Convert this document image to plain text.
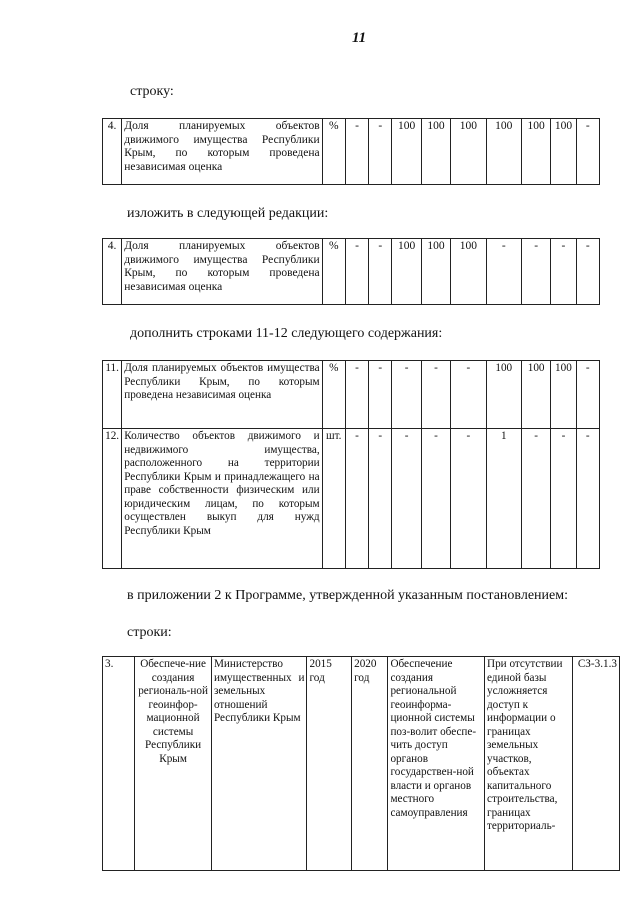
11
строку:
4.	Доля планируемых объектов движимого имущества Республики Крым, по которым проведена независимая оценка	%	-	-	100	100	100	100	100	100	-
изложить в следующей редакции:
4.	Доля планируемых объектов движимого имущества Республики Крым, по которым проведена независимая оценка	%	-	-	100	100	100	-	-	-	-
дополнить строками 11-12 следующего содержания:
11.	Доля планируемых объектов имущества Республики Крым, по которым проведена независимая оценка	%	-	-	-	-	-	100	100	100	-
12.	Количество объектов движимого и недвижимого имущества, расположенного на территории Республики Крым и принадлежащего на праве собственности физическим или юридическим лицам, по которым осуществлен выкуп для нужд Республики Крым	шт.	-	-	-	-	-	1	-	-	-
в приложении 2 к Программе, утвержденной указанным постановлением:
строки:
3.	Обеспече-ние создания региональ-ной геоинфор-мационной системы Республики Крым	Министерство имущественных и земельных отношений Республики Крым	2015 год	2020 год	Обеспечение создания региональной геоинформа-ционной системы поз-волит обеспе-чить доступ органов государствен-ной власти и органов местного самоуправления	При отсутствии единой базы усложняется доступ к информации о границах земельных участков, объектах капитального строительства, границах территориаль-	СЗ-3.1.3
